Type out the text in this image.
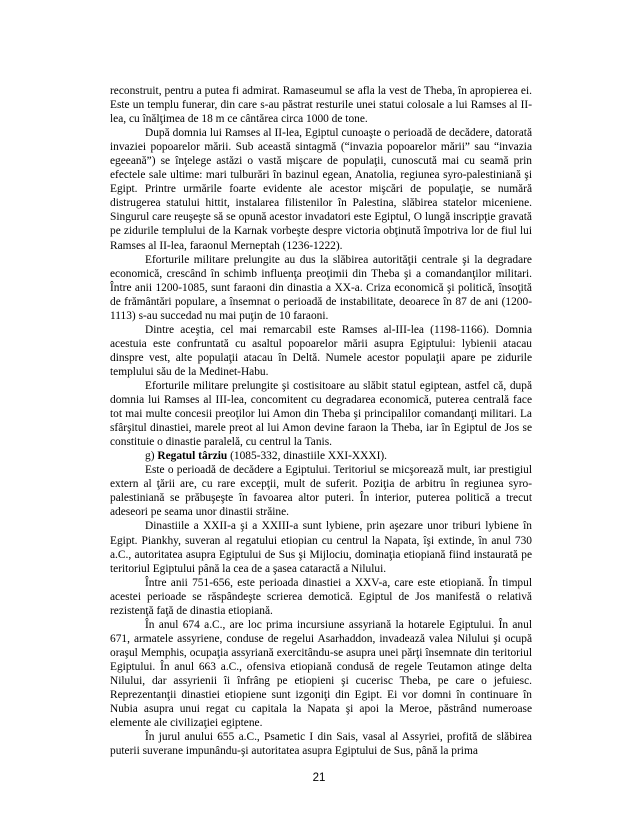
reconstruit, pentru a putea fi admirat. Ramaseumul se afla la vest de Theba, în apropierea ei. Este un templu funerar, din care s-au păstrat resturile unei statui colosale a lui Ramses al II-lea, cu înălţimea de 18 m ce cântărea circa 1000 de tone.

După domnia lui Ramses al II-lea, Egiptul cunoaşte o perioadă de decădere, datorată invaziei popoarelor mării. Sub această sintagmă (“invazia popoarelor mării” sau “invazia egeeană”) se înţelege astăzi o vastă mişcare de populaţii, cunoscută mai cu seamă prin efectele sale ultime: mari tulburări în bazinul egean, Anatolia, regiunea syro-palestiniană şi Egipt. Printre urmările foarte evidente ale acestor mişcări de populaţie, se numără distrugerea statului hittit, instalarea filistenilor în Palestina, slăbirea statelor miceniene. Singurul care reuşeşte să se opună acestor invadatori este Egiptul, O lungă inscripţie gravată pe zidurile templului de la Karnak vorbeşte despre victoria obţinută împotriva lor de fiul lui Ramses al II-lea, faraonul Merneptah (1236-1222).

Eforturile militare prelungite au dus la slăbirea autorităţii centrale şi la degradare economică, crescând în schimb influenţa preoţimii din Theba şi a comandanţilor militari. Între anii 1200-1085, sunt faraoni din dinastia a XX-a. Criza economică şi politică, însoţită de frământări populare, a însemnat o perioadă de instabilitate, deoarece în 87 de ani (1200-1113) s-au succedad nu mai puţin de 10 faraoni.

Dintre aceştia, cel mai remarcabil este Ramses al-III-lea (1198-1166). Domnia acestuia este confruntată cu asaltul popoarelor mării asupra Egiptului: lybienii atacau dinspre vest, alte populaţii atacau în Deltă. Numele acestor populaţii apare pe zidurile templului său de la Medinet-Habu.

Eforturile militare prelungite şi costisitoare au slăbit statul egiptean, astfel că, după domnia lui Ramses al III-lea, concomitent cu degradarea economică, puterea centrală face tot mai multe concesii preoţilor lui Amon din Theba şi principalilor comandanţi militari. La sfârşitul dinastiei, marele preot al lui Amon devine faraon la Theba, iar în Egiptul de Jos se constituie o dinastie paralelă, cu centrul la Tanis.

g) Regatul târziu (1085-332, dinastiile XXI-XXXI).

Este o perioadă de decădere a Egiptului. Teritoriul se micşorează mult, iar prestigiul extern al ţării are, cu rare excepţii, mult de suferit. Poziţia de arbitru în regiunea syro-palestiniană se prăbuşeşte în favoarea altor puteri. În interior, puterea politică a trecut adeseori pe seama unor dinastii străine.

Dinastiile a XXII-a şi a XXIII-a sunt lybiene, prin aşezare unor triburi lybiene în Egipt. Piankhy, suveran al regatului etiopian cu centrul la Napata, îşi extinde, în anul 730 a.C., autoritatea asupra Egiptului de Sus şi Mijlociu, dominaţia etiopiană fiind instaurată pe teritoriul Egiptului până la cea de a şasea cataractă a Nilului.

Între anii 751-656, este perioada dinastiei a XXV-a, care este etiopiană. În timpul acestei perioade se răspândeşte scrierea demotică. Egiptul de Jos manifestă o relativă rezistenţă faţă de dinastia etiopiană.

În anul 674 a.C., are loc prima incursiune assyriană la hotarele Egiptului. În anul 671, armatele assyriene, conduse de regelui Asarhaddon, invadează valea Nilului şi ocupă oraşul Memphis, ocupaţia assyriană exercitându-se asupra unei părţi însemnate din teritoriul Egiptului. În anul 663 a.C., ofensiva etiopiană condusă de regele Teutamon atinge delta Nilului, dar assyrienii îi înfrâng pe etiopieni şi cucerisc Theba, pe care o jefuiesc. Reprezentanţii dinastiei etiopiene sunt izgoniţi din Egipt. Ei vor domni în continuare în Nubia asupra unui regat cu capitala la Napata şi apoi la Meroe, păstrând numeroase elemente ale civilizaţiei egiptene.

În jurul anului 655 a.C., Psametic I din Sais, vasal al Assyriei, profită de slăbirea puterii suverane impunându-şi autoritatea asupra Egiptului de Sus, până la prima

21
